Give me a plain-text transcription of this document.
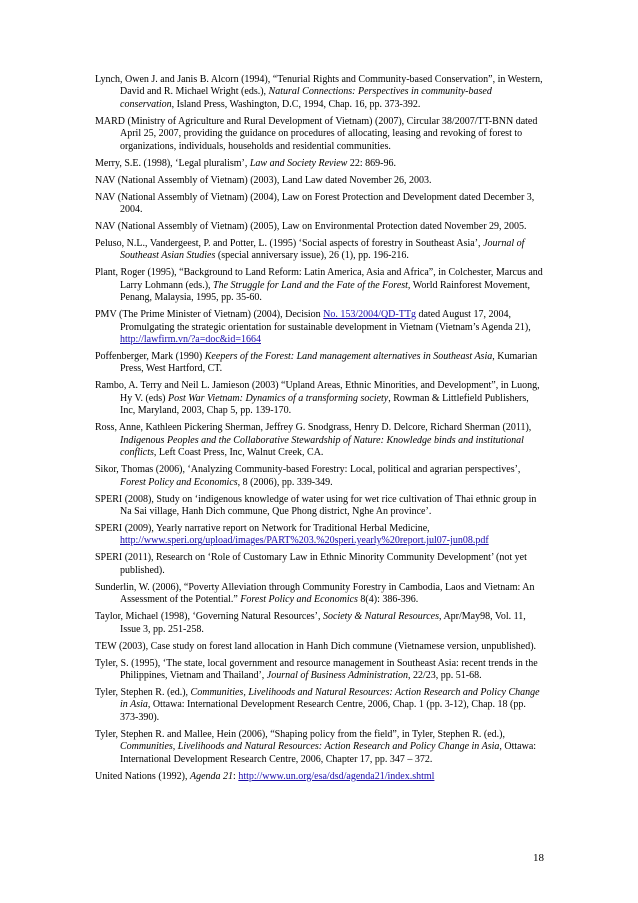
Lynch, Owen J. and Janis B. Alcorn (1994), “Tenurial Rights and Community-based Conservation”, in Western, David and R. Michael Wright (eds.), Natural Connections: Perspectives in community-based conservation, Island Press, Washington, D.C, 1994, Chap. 16, pp. 373-392.
MARD (Ministry of Agriculture and Rural Development of Vietnam) (2007), Circular 38/2007/TT-BNN dated April 25, 2007, providing the guidance on procedures of allocating, leasing and revoking of forest to organizations, individuals, households and residential communities.
Merry, S.E. (1998), ‘Legal pluralism’, Law and Society Review 22: 869-96.
NAV (National Assembly of Vietnam) (2003), Land Law dated November 26, 2003.
NAV (National Assembly of Vietnam) (2004), Law on Forest Protection and Development dated December 3, 2004.
NAV (National Assembly of Vietnam) (2005), Law on Environmental Protection dated November 29, 2005.
Peluso, N.L., Vandergeest, P. and Potter, L. (1995) ‘Social aspects of forestry in Southeast Asia’, Journal of Southeast Asian Studies (special anniversary issue), 26 (1), pp. 196-216.
Plant, Roger (1995), “Background to Land Reform: Latin America, Asia and Africa”, in Colchester, Marcus and Larry Lohmann (eds.), The Struggle for Land and the Fate of the Forest, World Rainforest Movement, Penang, Malaysia, 1995, pp. 35-60.
PMV (The Prime Minister of Vietnam) (2004), Decision No. 153/2004/QD-TTg dated August 17, 2004, Promulgating the strategic orientation for sustainable development in Vietnam (Vietnam’s Agenda 21), http://lawfirm.vn/?a=doc&id=1664
Poffenberger, Mark (1990) Keepers of the Forest: Land management alternatives in Southeast Asia, Kumarian Press, West Hartford, CT.
Rambo, A. Terry and Neil L. Jamieson (2003) “Upland Areas, Ethnic Minorities, and Development”, in Luong, Hy V. (eds) Post War Vietnam: Dynamics of a transforming society, Rowman & Littlefield Publishers, Inc, Maryland, 2003, Chap 5, pp. 139-170.
Ross, Anne, Kathleen Pickering Sherman, Jeffrey G. Snodgrass, Henry D. Delcore, Richard Sherman (2011), Indigenous Peoples and the Collaborative Stewardship of Nature: Knowledge binds and institutional conflicts, Left Coast Press, Inc, Walnut Creek, CA.
Sikor, Thomas (2006), ‘Analyzing Community-based Forestry: Local, political and agrarian perspectives’, Forest Policy and Economics, 8 (2006), pp. 339-349.
SPERI (2008), Study on ‘indigenous knowledge of water using for wet rice cultivation of Thai ethnic group in Na Sai village, Hanh Dich commune, Que Phong district, Nghe An province’.
SPERI (2009), Yearly narrative report on Network for Traditional Herbal Medicine, http://www.speri.org/upload/images/PART%203.%20speri.yearly%20report.jul07-jun08.pdf
SPERI (2011), Research on ‘Role of Customary Law in Ethnic Minority Community Development’ (not yet published).
Sunderlin, W. (2006), “Poverty Alleviation through Community Forestry in Cambodia, Laos and Vietnam: An Assessment of the Potential.” Forest Policy and Economics 8(4): 386-396.
Taylor, Michael (1998), ‘Governing Natural Resources’, Society & Natural Resources, Apr/May98, Vol. 11, Issue 3, pp. 251-258.
TEW (2003), Case study on forest land allocation in Hanh Dich commune (Vietnamese version, unpublished).
Tyler, S. (1995), ‘The state, local government and resource management in Southeast Asia: recent trends in the Philippines, Vietnam and Thailand’, Journal of Business Administration, 22/23, pp. 51-68.
Tyler, Stephen R. (ed.), Communities, Livelihoods and Natural Resources: Action Research and Policy Change in Asia, Ottawa: International Development Research Centre, 2006, Chap. 1 (pp. 3-12), Chap. 18 (pp. 373-390).
Tyler, Stephen R. and Mallee, Hein (2006), “Shaping policy from the field”, in Tyler, Stephen R. (ed.), Communities, Livelihoods and Natural Resources: Action Research and Policy Change in Asia, Ottawa: International Development Research Centre, 2006, Chapter 17, pp. 347 – 372.
United Nations (1992), Agenda 21: http://www.un.org/esa/dsd/agenda21/index.shtml
18
